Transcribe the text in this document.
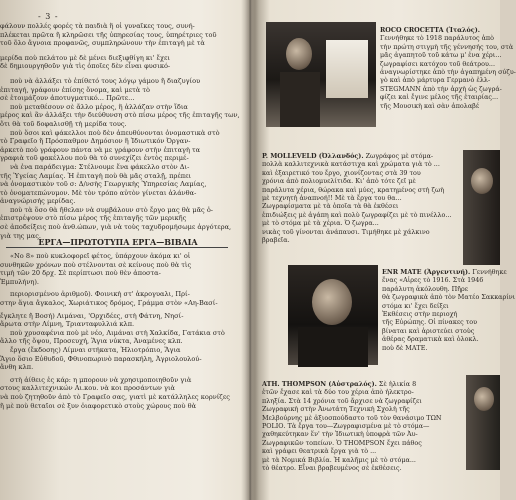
- 3 -
φάλουν πολλές φορές τὰ παιδιὰ ἢ οἱ γυναῖκες τους, συνή-
πλέκεται πρῶτα ἢ κληρῶσει τῆς ὑπηρεσίας τους, ὑπηρέτριες τοῦ
τοῦ ὅλο ἄγνοια προφανῶς, συμπληρώνουν τὴν ἐπιταγὴ μὲ τὰ
μερίδα ποὺ πελάτου μὲ δὲ μένει διεξιφθίγη κι' ἔχει
δὲ δημιουργηθοῦν γιὰ τὶς ὁποῖες δὲν εἶναι φυσικό-
ποὺ νὰ ἀλλάξει τὸ ἐπίθετό τους λόγῳ γάμου ἢ διαζυγίου
ἐπιταγή, γράφουν ἐπίσης ὄνομα, καὶ μετὰ τὸ
σὲ ἑτοιμάζουν ἀποτυγματικό... Πρῶτε...
ποὺ μεταθέσουν σὲ ἄλλο μέρος, ἢ ἀλλάζαν στὴν ἴδια
μέρος καὶ ἂν ἀλλάξει τὴν διεύθυνση στὸ πίσω μέρος τῆς ἐπιταγῆς των,
ὅτι θὰ τοῦ δοφαλισθῇ τὴ μερίδα τους.
ποὺ ὅσοι καὶ φάκελλοι ποὺ δὲν ἀπευθύνονται ὀνομαστικὰ στὸ
τὸ Γραφεῖο ἢ Πρόσπαθμον Δημόσιον ἢ Ἰδιωτικόν Ὀργαν-
ἀρκετὸ ποὺ γράφουν πάντα νὰ με γράφουν στὴν ἐπιταγὴ τα
γραφιὰ τοῦ φακέλλου ποὺ θὰ τὸ συνεχίζει ἐντὸς περιμέ-
νὰ ἐνα παράδειγμα: Στέλνουμε ἕνα φάκελλο στὸν Δι-
τῆς Ὑγείας Λαμίας. Ἡ ἐπιταγὴ ποὺ θὰ μᾶς σταλῇ, πρέπει
νὰ ὁνομαστικὸν τοῦ σ: Δ/νσὴς Γεωργικὴς Ὑπηρεσίας Λαμίας,
τὸ ὀνοματεπώνυμον. Μὲ τὸν τρόπο αὐτὸν γίνεται ἀλάνθα-
ἀναγνώρισής μερίδας.
ποὺ τὰ ὅσο θὰ ἤθελαν νὰ συμβάλουν στὸ ἔργο μας θὰ μᾶς ὀ-
ἐπιστρέψουν στὸ πίσω μέρος τῆς ἐπιταγῆς τῶν μερικῆς
σὲ ἀποδείξεις ποὺ ἀνθ.ώπων, γιὰ νὰ τοὺς ταχυδρομήσωμε ἀργότερα,
γιὰ της μας.
ΕΡΓΑ—ΠΡΩΤΟΤΥΠΑ ΕΡΓΑ—ΒΙΒΛΙΑ
«Νο 8» ποὺ κυκλοφορεῖ φέτος, ὑπάρχουν ἀκόμα κι' οἱ
συνθηκῶν χρόνων ποὺ στέλνονται σὲ κείνους ποὺ θὰ τὶς
τιμὴ τῶν 20 δρχ. Σὲ περίπτωσι ποὺ θὲν ἀποστα-
Ἐμπυλήνη).
περιορισμένου ἀριθμοῦ). Φοινικὴ στ' ἀκρογυαλι, Πρί-
στην ἅγια ἄγκαλος, Χωριάτικος δρόμος, Γράμμα στὸν «Αη-Βασί-
ἔγκλητε ἤ Βοσή) Λιμάναι, 'Ορχιδέες, στὴ Φάτνη, Νησί-
ἄρωτα στὴν Λίμνη, Τριανταφυλλιά κλπ.
ποὺ χρυσαφένια ποὺ μὲ νέο, Λιμάναι στὴ Χαλκίδα, Γατάκια στὸ
ἄλλο τῆς ὄψου, Προσευχή, Ἅγια νύκτα, Ἀναμένες κλπ.
ἔργα (ἔκδοσης) Λίμναι στήκατα, Ἡλιοτρόπιο, Ἅγια
Ἅγιο ὅσιο Εὐθυδοῦ, Φθινοπωρινὸ παρασκήλη, Ἀγριολουλού-
ἄνθη κλπ.
στὴ ἀίθεις ἐς κάρ: η μπορουν νὰ χρησιμοποιηθοῦν γιὰ
στους καλλιτεχνικών Αι.κου. νὰ κοι προσάντων γιὰ
νὰ ποὺ ζητηθοῦν ἀπὸ τὸ Γραφεῖο σας, γιατὶ μὲ κατάλληλες κορνίζες
ἢ μὲ ποὺ θεταῖοι σὲ ξυν ὁιαφορετικὸ στοὺς χώρους ποὺ θὰ
ROCO CROCETTA (Ἰταλός).
Γεννήθηκε τὸ 1918 παράλυτος ἀπὸ
τὴν πρώτη στιγμὴ τῆς γέννησής του, στὰ
μᾶς ἀγαπητοῦ τοῦ κάτω μ' ἐνα χέρι...
ζωγραφίσει κατόχου τοῦ θεάτρου...
ἀναγνωρίστηκε ἀπὸ τὴν ἀγαπημένη σύζυ-
γὸ καὶ ἀπὸ μάρτυρα Γερμανὸ ἑλλ-
STEGMANN ἀπὸ τὴν ἀρχὴ ὡς ζωγρά-
φίζει καὶ ἔγινε μέλος τῆς ἐταιρίας...
τῆς Μουσικὴ καὶ σὰν ἀπολαβέ
P. MOLLEVELD (Ὀλλανδός). Ζωγράφος μὲ στόμα-
πολλὰ καλλιτεχνικὰ κατάστιχα καὶ χρώματα γιὰ τὸ ...
καὶ ἐξαιρετικό του ἔργο, χιονίζοντας στὰ 39 του
χρόνια ἀπὸ πολιομυελίτιδα. Κι' ἀπὸ τότε ζεῖ μὲ
παράλυτα χέρια, θώρακα καὶ μύες, κρατημένος στὴ ζωὴ
μὲ τεχνητὴ ἀναπνοή!! Μὲ τὰ ἔργα του θα...
Ζωγραφίσματα μὲ τὰ ὁποῖα τὰ θὰ ἐκθέσει
ἐπιδιώξεις μὲ ἀγάπη καὶ πολὺ ζωγραφίζει μὲ τὸ πινέλλο...
μὲ τὸ στόμα μὲ τὰ χέρια. Ὁ ζωγρα...
νικὰς τοῦ γίνονται ἀνάπαυσι. Τιμήθηκε μὲ χάλκινο
βραβεῖα.
ENR MATE (Ἀργεντινή). Γεννήθηκε
ἕνας «Αἱρες τὸ 1916. Στὰ 1946
παράλυτη ἀκόλουθη. Πῆρε
θὰ ζωγραφικὰ ἀπὸ τὸν Ματέο Σακκαρίνι
στόμα κι' ἔχει δείξει
Ἐκθέσεις στὴν περιοχή
τῆς Εὐρώπης. Οἱ πίνακες του
βίναται καὶ ἀριστεύει στοὺς
ἀθέρας δραματικὰ καὶ ὁλοκλ.
ποὺ δὲ ΜΑΤΕ.
ATH. THOMPSON (Αὐστραλός). Σὲ ἡλικία 8
ἐτῶν ἔχασε καὶ τὰ δύο του χέρια ἀπὸ ἠλεκτρο-
πληξία. Στὰ 14 χρόνια τοῦ ἄρχισε νὰ ζωγραφίζει
Ζωγραφικὴ στὴν Ἀνωτάτη Τεχνικὴ Σχολὴ τῆς
Μελβούρνης μὲ ἀξιοσπούδαστο τοῦ τὸν θανάσιμο ΤΩΝ
ΡOLΙΟ. Τὰ ἔργα του—Ζωγραφισμένα μὲ τὸ στόμα—
χαθηκεύτηκαν ἕν' τὴν Ἰδιωτικὴ ὑποφρὰ τῶν Ἀυ-
Ζωγραφικῶν τοπείων. Ὁ THOMPSON ἔχει πάθος
καὶ γράφει θεατρικὰ ἔργα γιὰ τὸ ...
μὲ τὰ Νομικά Βιβλία. Ἡ καλῆμις μὲ τὸ στόμα...
τὸ θέατρο. Εἶναι βραβευμένος σὲ ἐκθέσεις.
